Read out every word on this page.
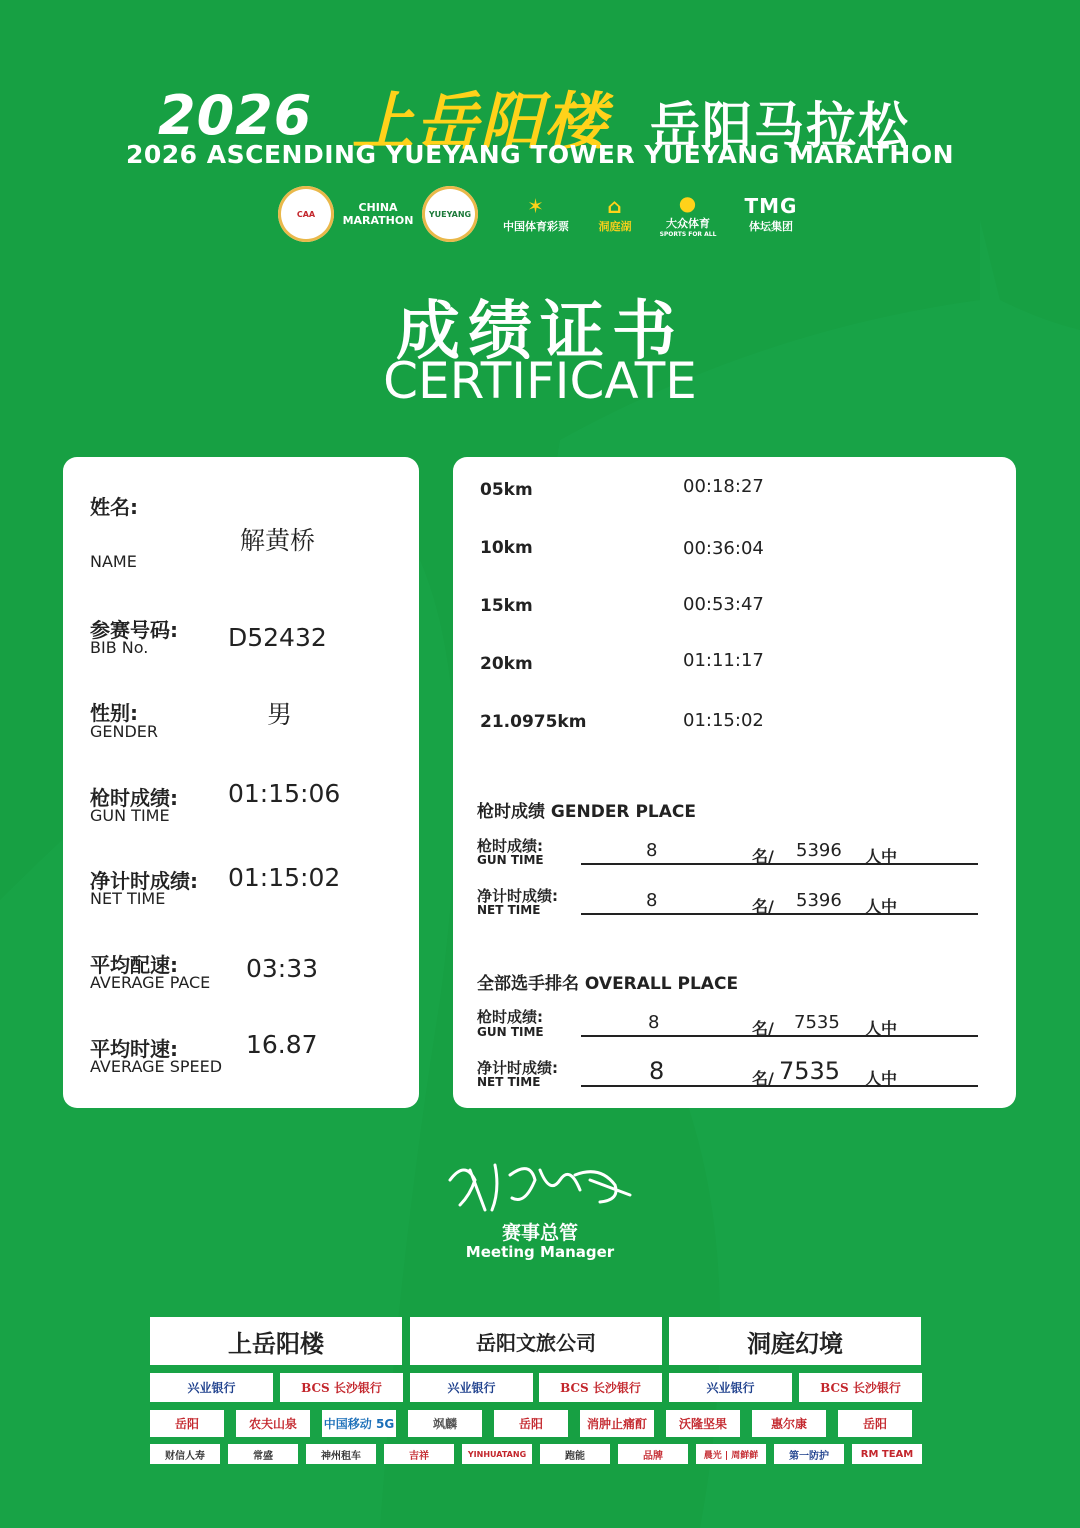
2026 上岳阳楼 岳阳马拉松
2026 ASCENDING YUEYANG TOWER YUEYANG MARATHON
CAA	CHINA MARATHON YUEYANG	✶
中国体育彩票
⌂
洞庭湖
●
大众体育
SPORTS FOR ALL
TMG
体坛集团
成绩证书
CERTIFICATE
姓名:
NAME
解黄桥
参赛号码:
BIB No.	D52432
性别:
GENDER
男
枪时成绩:
GUN TIME
01:15:06
净计时成绩:
NET TIME
01:15:02
平均配速:
AVERAGE PACE 03:33
平均时速:
AVERAGE SPEED
16.87
05km	00:18:27
10km	00:36:04
15km	00:53:47
20km	01:11:17
21.0975km	01:15:02
枪时成绩 GENDER PLACE
枪时成绩:
GUN TIME	8	名/ 5396 人中
净计时成绩:
NET TIME	8	名/ 5396 人中
全部选手排名 OVERALL PLACE
枪时成绩:
GUN TIME	8	名/ 7535 人中
净计时成绩:
NET TIME	8	名/ 7535 人中
赛事总管
Meeting Manager
上岳阳楼	岳阳文旅公司	洞庭幻境
兴业银行	BCS 长沙银行	兴业银行	BCS 长沙银行	兴业银行	BCS 长沙银行
岳阳	农夫山泉	中国移动 5G	飒麟	岳阳	消肿止痛酊	沃隆坚果	惠尔康	岳阳
财信人寿	常盛	神州租车	吉祥	YINHUATANG	跑能	品牌	晨光 | 周鲜鲜	第一防护	RM TEAM
